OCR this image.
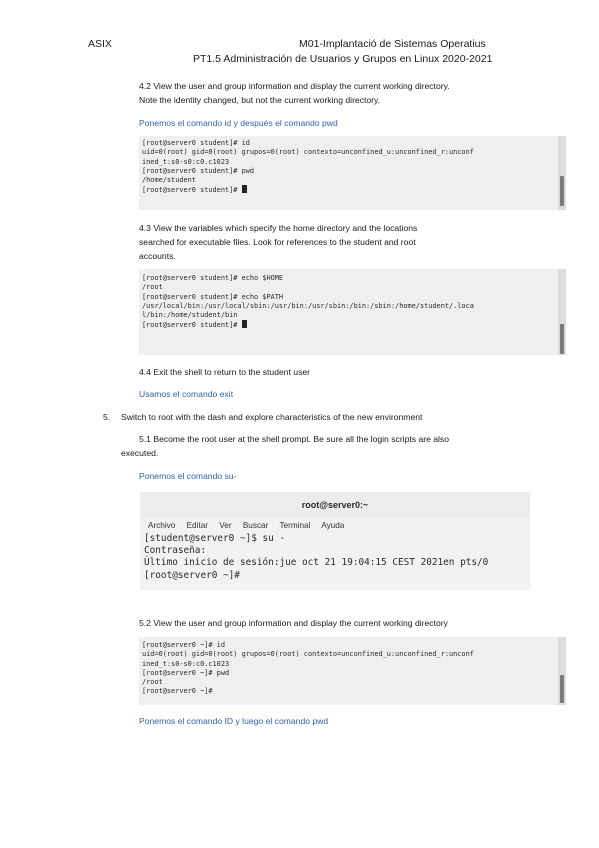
ASIX	M01-Implantació de Sistemas Operatius
PT1.5 Administración de Usuarios y Grupos en Linux 2020-2021
4.2 View the user and group information and display the current working directory.
Note the identity changed, but not the current working directory.
Ponemos el comando id y después el comando pwd
[root@server0 student]# id
uid=0(root) gid=0(root) grupos=0(root) contexto=unconfined_u:unconfined_r:unconf
ined_t:s0-s0:c0.c1023
[root@server0 student]# pwd
/home/student
[root@server0 student]#
4.3 View the variables which specify the home directory and the locations
searched for executable files. Look for references to the student and root
accounts.
[root@server0 student]# echo $HOME
/root
[root@server0 student]# echo $PATH
/usr/local/bin:/usr/local/sbin:/usr/bin:/usr/sbin:/bin:/sbin:/home/student/.loca
l/bin:/home/student/bin
[root@server0 student]#
4.4 Exit the shell to return to the student user
Usamos el comando exit
5. Switch to root with the dash and explore characteristics of the new environment
5.1 Become the root user at the shell prompt. Be sure all the login scripts are also
executed.
Ponemos el comando su-
root@server0:~
Archivo Editar Ver Buscar Terminal Ayuda
[student@server0 ~]$ su -
Contraseña:
Último inicio de sesión:jue oct 21 19:04:15 CEST 2021en pts/0
[root@server0 ~]#
5.2 View the user and group information and display the current working directory
[root@server0 ~]# id
uid=0(root) gid=0(root) grupos=0(root) contexto=unconfined_u:unconfined_r:unconf
ined_t:s0-s0:c0.c1023
[root@server0 ~]# pwd
/root
[root@server0 ~]#
Ponemos el comando ID y luego el comando pwd
